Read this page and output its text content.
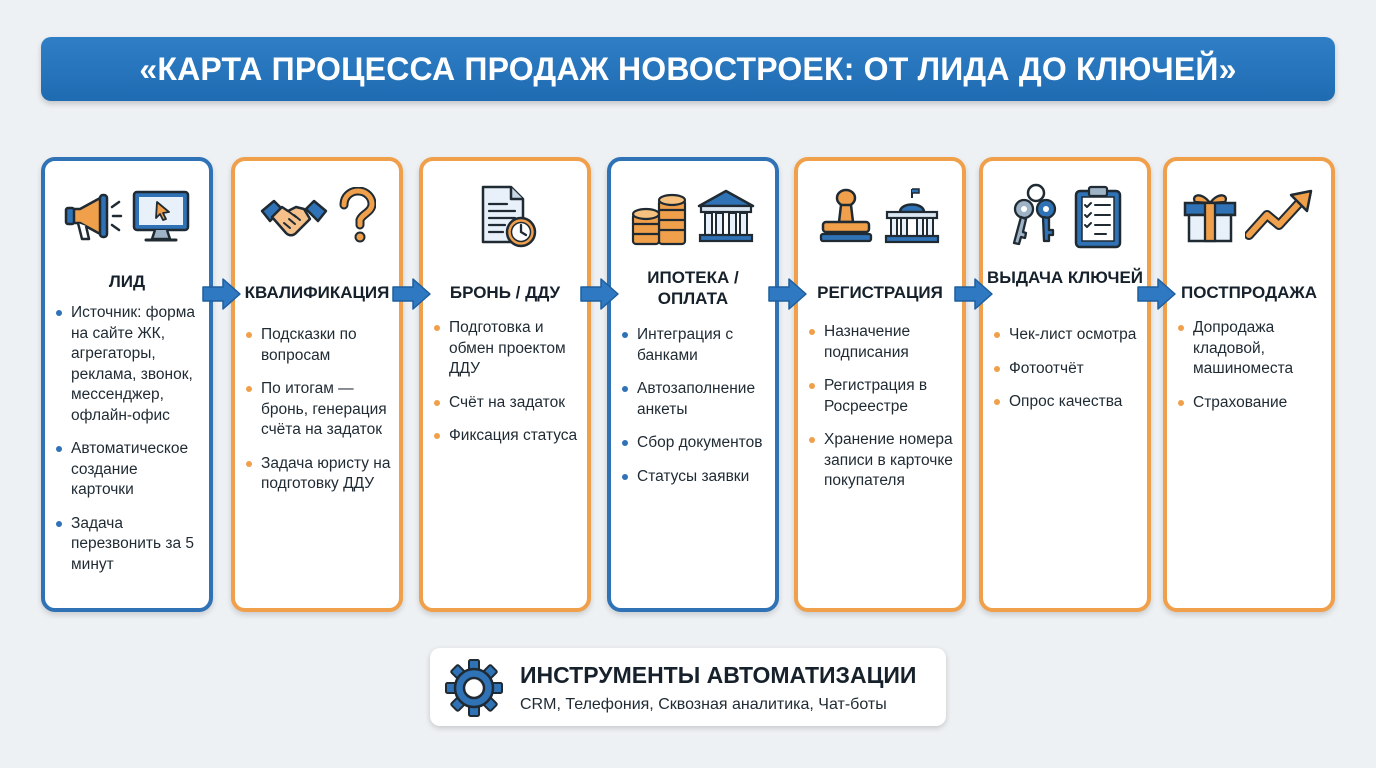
«КАРТА ПРОЦЕССА ПРОДАЖ НОВОСТРОЕК: ОТ ЛИДА ДО КЛЮЧЕЙ»
ЛИД
Источник: форма на сайте ЖК, агрегаторы, реклама, звонок, мессенджер, офлайн-офис
Автоматическое создание карточки
Задача перезвонить за 5 минут
КВАЛИФИКАЦИЯ
Подсказки по вопросам
По итогам — бронь, генерация счёта на задаток
Задача юристу на подготовку ДДУ
БРОНЬ / ДДУ
Подготовка и обмен проектом ДДУ
Счёт на задаток
Фиксация статуса
ИПОТЕКА / ОПЛАТА
Интеграция с банками
Автозаполнение анкеты
Сбор документов
Статусы заявки
РЕГИСТРАЦИЯ
Назначение подписания
Регистрация в Росреестре
Хранение номера записи в карточке покупателя
ВЫДАЧА КЛЮЧЕЙ
Чек-лист осмотра
Фотоотчёт
Опрос качества
ПОСТПРОДАЖА
Допродажа кладовой, машиноместа
Страхование
ИНСТРУМЕНТЫ АВТОМАТИЗАЦИИ
CRM, Телефония, Сквозная аналитика, Чат-боты
